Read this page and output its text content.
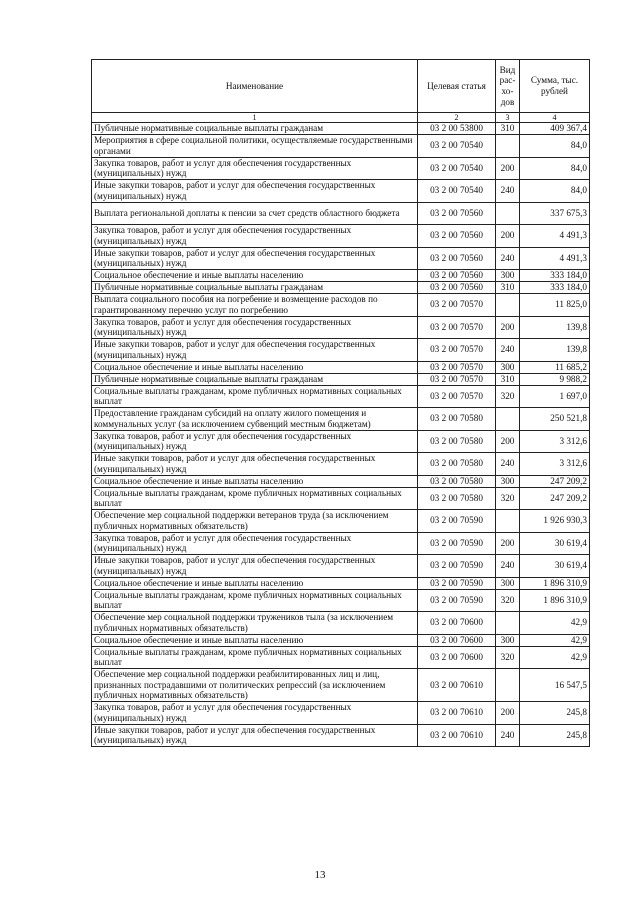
Наименование	Целевая статья	Вид рас-хо-дов	Сумма, тыс. рублей
1	2	3	4
Публичные нормативные социальные выплаты гражданам	03 2 00 53800	310	409 367,4
Мероприятия в сфере социальной политики, осуществляемые государственными органами	03 2 00 70540		84,0
Закупка товаров, работ и услуг для обеспечения государственных (муниципальных) нужд	03 2 00 70540	200	84,0
Иные закупки товаров, работ и услуг для обеспечения государственных (муниципальных) нужд	03 2 00 70540	240	84,0
Выплата региональной доплаты к пенсии за счет средств областного бюджета	03 2 00 70560		337 675,3
Закупка товаров, работ и услуг для обеспечения государственных (муниципальных) нужд	03 2 00 70560	200	4 491,3
Иные закупки товаров, работ и услуг для обеспечения государственных (муниципальных) нужд	03 2 00 70560	240	4 491,3
Социальное обеспечение и иные выплаты населению	03 2 00 70560	300	333 184,0
Публичные нормативные социальные выплаты гражданам	03 2 00 70560	310	333 184,0
Выплата социального пособия на погребение и возмещение расходов по гарантированному перечню услуг по погребению	03 2 00 70570		11 825,0
Закупка товаров, работ и услуг для обеспечения государственных (муниципальных) нужд	03 2 00 70570	200	139,8
Иные закупки товаров, работ и услуг для обеспечения государственных (муниципальных) нужд	03 2 00 70570	240	139,8
Социальное обеспечение и иные выплаты населению	03 2 00 70570	300	11 685,2
Публичные нормативные социальные выплаты гражданам	03 2 00 70570	310	9 988,2
Социальные выплаты гражданам, кроме публичных нормативных социальных выплат	03 2 00 70570	320	1 697,0
Предоставление гражданам субсидий на оплату жилого помещения и коммунальных услуг (за исключением субвенций местным бюджетам)	03 2 00 70580		250 521,8
Закупка товаров, работ и услуг для обеспечения государственных (муниципальных) нужд	03 2 00 70580	200	3 312,6
Иные закупки товаров, работ и услуг для обеспечения государственных (муниципальных) нужд	03 2 00 70580	240	3 312,6
Социальное обеспечение и иные выплаты населению	03 2 00 70580	300	247 209,2
Социальные выплаты гражданам, кроме публичных нормативных социальных выплат	03 2 00 70580	320	247 209,2
Обеспечение мер социальной поддержки ветеранов труда (за исключением публичных нормативных обязательств)	03 2 00 70590		1 926 930,3
Закупка товаров, работ и услуг для обеспечения государственных (муниципальных) нужд	03 2 00 70590	200	30 619,4
Иные закупки товаров, работ и услуг для обеспечения государственных (муниципальных) нужд	03 2 00 70590	240	30 619,4
Социальное обеспечение и иные выплаты населению	03 2 00 70590	300	1 896 310,9
Социальные выплаты гражданам, кроме публичных нормативных социальных выплат	03 2 00 70590	320	1 896 310,9
Обеспечение мер социальной поддержки тружеников тыла (за исключением публичных нормативных обязательств)	03 2 00 70600		42,9
Социальное обеспечение и иные выплаты населению	03 2 00 70600	300	42,9
Социальные выплаты гражданам, кроме публичных нормативных социальных выплат	03 2 00 70600	320	42,9
Обеспечение мер социальной поддержки реабилитированных лиц и лиц, признанных пострадавшими от политических репрессий (за исключением публичных нормативных обязательств)	03 2 00 70610		16 547,5
Закупка товаров, работ и услуг для обеспечения государственных (муниципальных) нужд	03 2 00 70610	200	245,8
Иные закупки товаров, работ и услуг для обеспечения государственных (муниципальных) нужд	03 2 00 70610	240	245,8
13
